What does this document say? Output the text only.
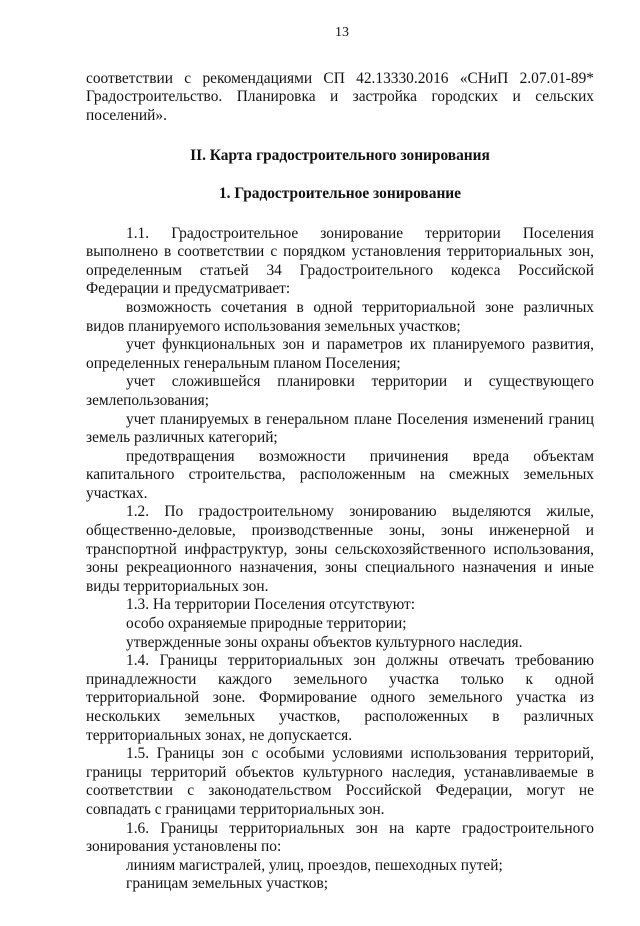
13

соответствии с рекомендациями СП 42.13330.2016 «СНиП 2.07.01-89* Градостроительство. Планировка и застройка городских и сельских поселений».

II. Карта градостроительного зонирования

1. Градостроительное зонирование

1.1. Градостроительное зонирование территории Поселения выполнено в соответствии с порядком установления территориальных зон, определенным статьей 34 Градостроительного кодекса Российской Федерации и предусматривает:

возможность сочетания в одной территориальной зоне различных видов планируемого использования земельных участков;

учет функциональных зон и параметров их планируемого развития, определенных генеральным планом Поселения;

учет сложившейся планировки территории и существующего землепользования;

учет планируемых в генеральном плане Поселения изменений границ земель различных категорий;

предотвращения возможности причинения вреда объектам капитального строительства, расположенным на смежных земельных участках.

1.2. По градостроительному зонированию выделяются жилые, общественно-деловые, производственные зоны, зоны инженерной и транспортной инфраструктур, зоны сельскохозяйственного использования, зоны рекреационного назначения, зоны специального назначения и иные виды территориальных зон.

1.3. На территории Поселения отсутствуют:

особо охраняемые природные территории;

утвержденные зоны охраны объектов культурного наследия.

1.4. Границы территориальных зон должны отвечать требованию принадлежности каждого земельного участка только к одной территориальной зоне. Формирование одного земельного участка из нескольких земельных участков, расположенных в различных территориальных зонах, не допускается.

1.5. Границы зон с особыми условиями использования территорий, границы территорий объектов культурного наследия, устанавливаемые в соответствии с законодательством Российской Федерации, могут не совпадать с границами территориальных зон.

1.6. Границы территориальных зон на карте градостроительного зонирования установлены по:

линиям магистралей, улиц, проездов, пешеходных путей;

границам земельных участков;
